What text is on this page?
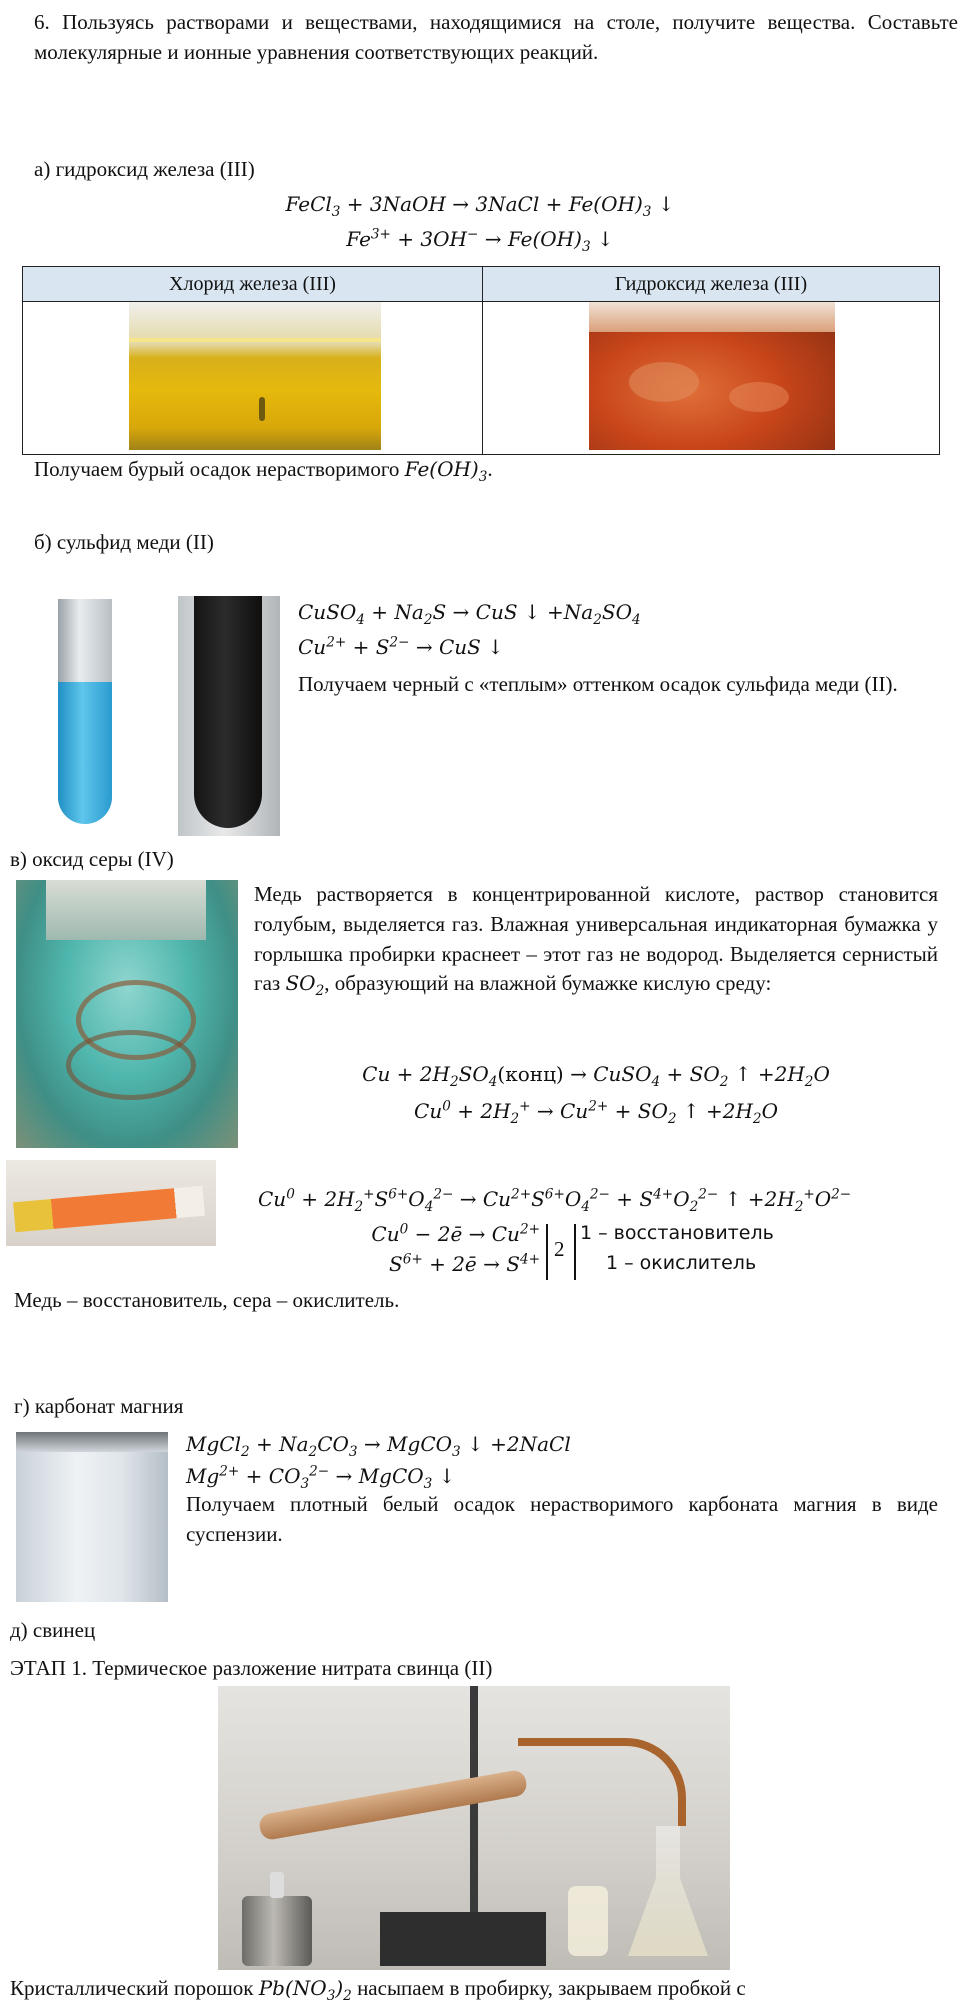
6. Пользуясь растворами и веществами, находящимися на столе, получите вещества. Составьте молекулярные и ионные уравнения соответствующих реакций.
а) гидроксид железа (III)
FeCl$_3$ + 3NaOH → 3NaCl + $Fe(OH)_3$ ↓
$Fe^{3+} + 3OH^- \to Fe(OH)_3$ ↓
Хлорид железа (III)	Гидроксид железа (III)

Получаем бурый осадок нерастворимого $Fe(OH)_3$.
б) сульфид меди (II)
CuSO$_4$ + $Na_2S$ → CuS ↓ $+Na_2SO_4$
$Cu^{2+} + S^{2-}$ → CuS ↓
Получаем черный с «теплым» оттенком осадок сульфида меди (II).
в) оксид серы (IV)
Медь растворяется в концентрированной кислоте, раствор становится голубым, выделяется газ. Влажная универсальная индикаторная бумажка у горлышка пробирки краснеет – этот газ не водород. Выделяется сернистый газ $SO_2$, образующий на влажной бумажке кислую среду:
$Cu + 2H_2SO_4(конц)$ → CuSO$_4$ + $SO_2$ ↑ $+2H_2O$
$Cu^0 + 2H_2^+ \to Cu^{2+} + SO_2$ ↑ $+2H_2O$
$Cu^0 + 2H_2^+S^{6+}O_4^{2-} \to Cu^{2+}S^{6+}O_4^{2-} + S^{4+}O_2^{2-}$ ↑ $+2H_2^+O^{2-}$
$Cu^0$ − 2ē → $Cu^{2+}$
$S^{6+}$ + 2ē → $S^{4+}$ 2
1 – восстановитель
1 – окислитель
Медь – восстановитель, сера – окислитель.
г) карбонат магния
MgCl$_2$ + $Na_2CO_3$ → MgCO$_3$ ↓ +2NaCl
$Mg^{2+} + CO_3^{2-}$ → MgCO$_3$ ↓
Получаем плотный белый осадок нерастворимого карбоната магния в виде суспензии.
д) свинец
ЭТАП 1. Термическое разложение нитрата свинца (II)
Кристаллический порошок $Pb(NO_3)_2$ насыпаем в пробирку, закрываем пробкой с
